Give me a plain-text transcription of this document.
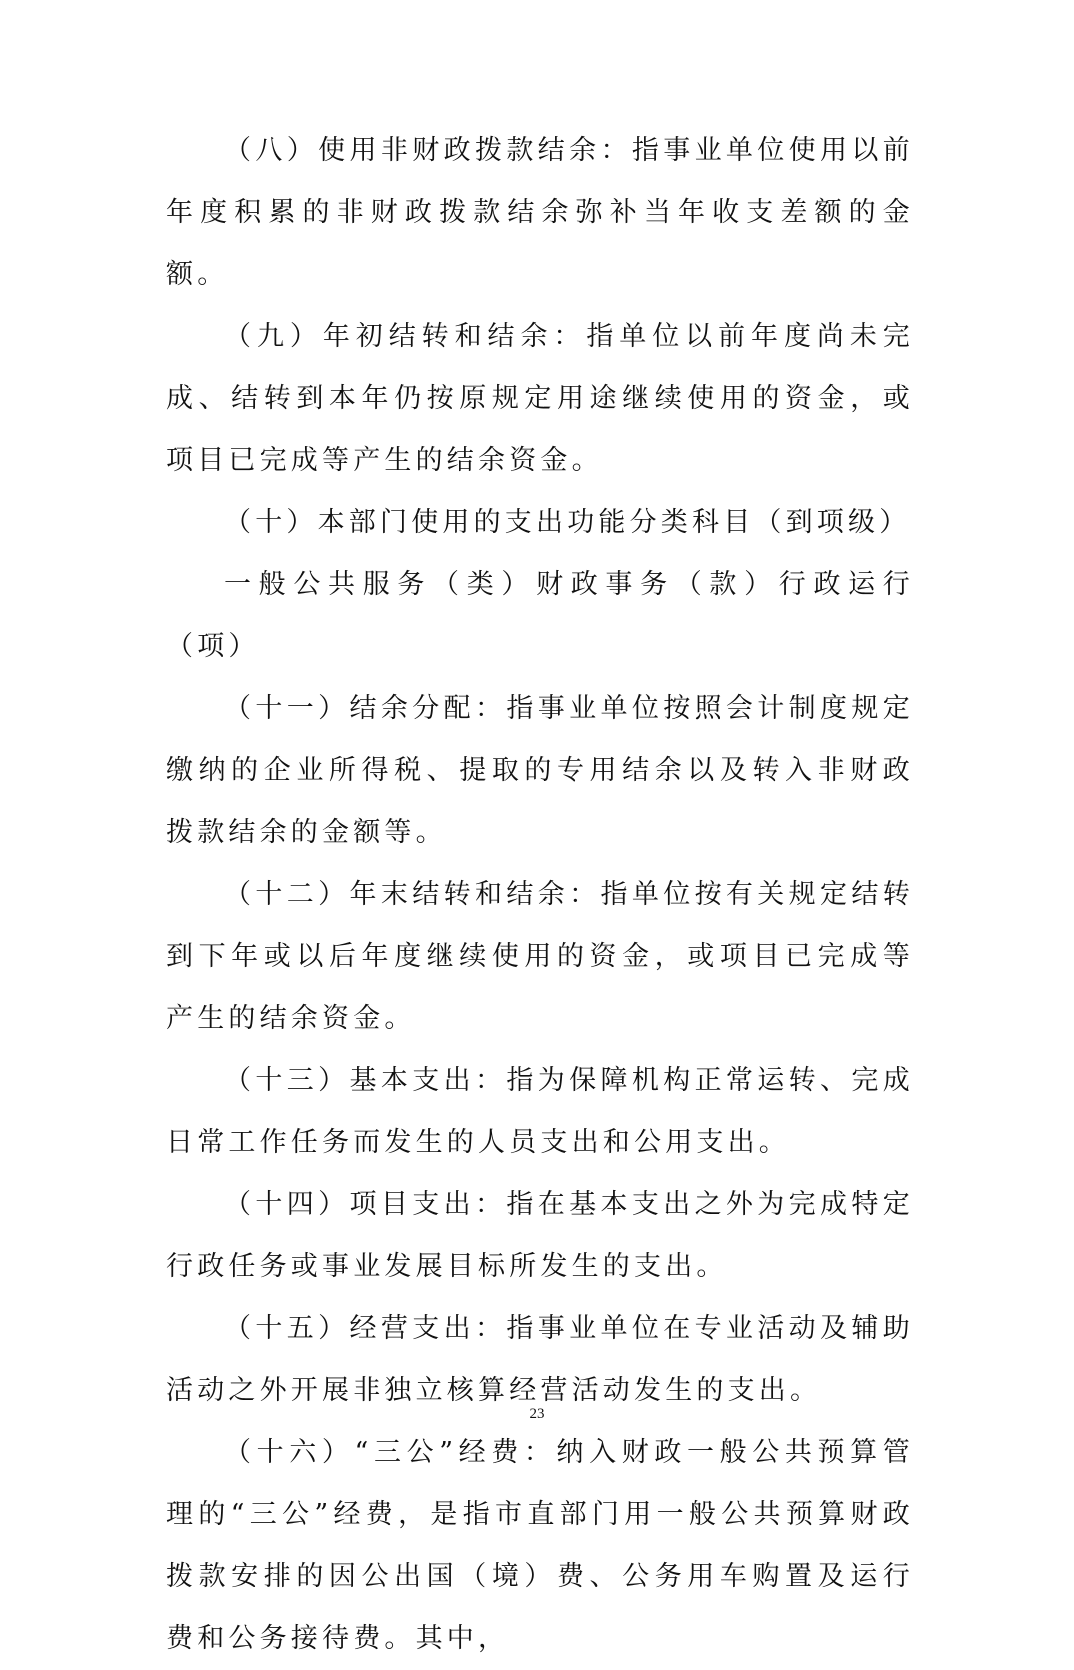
（八）使用非财政拨款结余：指事业单位使用以前年度积累的非财政拨款结余弥补当年收支差额的金额。

（九）年初结转和结余：指单位以前年度尚未完成、结转到本年仍按原规定用途继续使用的资金，或项目已完成等产生的结余资金。

（十）本部门使用的支出功能分类科目（到项级）

一般公共服务（类）财政事务（款）行政运行（项）

（十一）结余分配：指事业单位按照会计制度规定缴纳的企业所得税、提取的专用结余以及转入非财政拨款结余的金额等。

（十二）年末结转和结余：指单位按有关规定结转到下年或以后年度继续使用的资金，或项目已完成等产生的结余资金。

（十三）基本支出：指为保障机构正常运转、完成日常工作任务而发生的人员支出和公用支出。

（十四）项目支出：指在基本支出之外为完成特定行政任务或事业发展目标所发生的支出。

（十五）经营支出：指事业单位在专业活动及辅助活动之外开展非独立核算经营活动发生的支出。

（十六）“三公”经费：纳入财政一般公共预算管理的“三公”经费，是指市直部门用一般公共预算财政拨款安排的因公出国（境）费、公务用车购置及运行费和公务接待费。其中，

23
